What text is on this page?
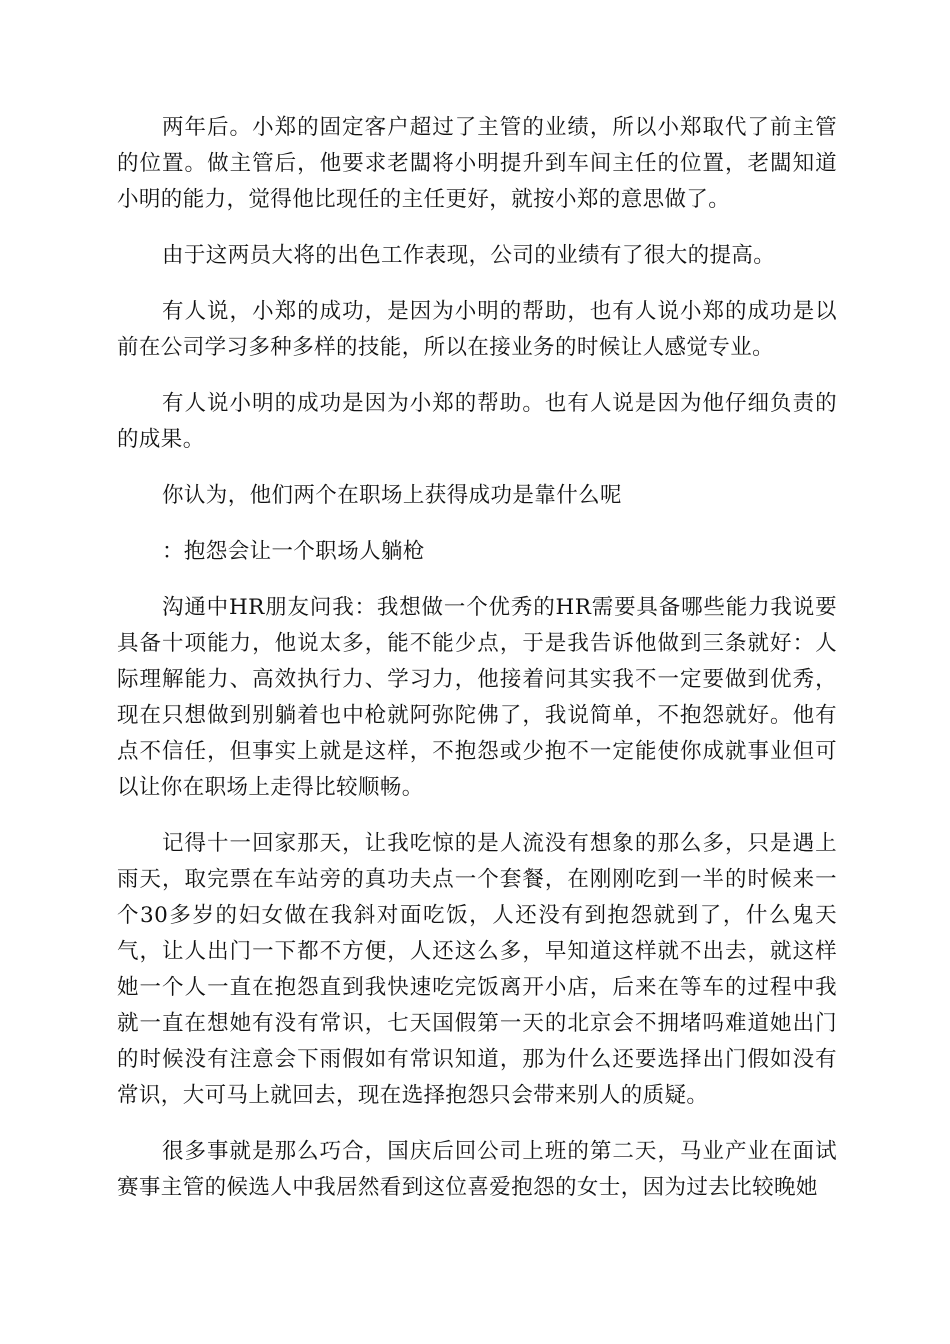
两年后。小郑的固定客户超过了主管的业绩，所以小郑取代了前主管的位置。做主管后，他要求老闆将小明提升到车间主任的位置，老闆知道小明的能力，觉得他比现任的主任更好，就按小郑的意思做了。

由于这两员大将的出色工作表现，公司的业绩有了很大的提高。

有人说，小郑的成功，是因为小明的帮助，也有人说小郑的成功是以前在公司学习多种多样的技能，所以在接业务的时候让人感觉专业。

有人说小明的成功是因为小郑的帮助。也有人说是因为他仔细负责的的成果。

你认为，他们两个在职场上获得成功是靠什么呢

：抱怨会让一个职场人躺枪

沟通中HR朋友问我：我想做一个优秀的HR需要具备哪些能力我说要具备十项能力，他说太多，能不能少点，于是我告诉他做到三条就好：人际理解能力、高效执行力、学习力，他接着问其实我不一定要做到优秀，现在只想做到别躺着也中枪就阿弥陀佛了，我说简单，不抱怨就好。他有点不信任，但事实上就是这样，不抱怨或少抱不一定能使你成就事业但可以让你在职场上走得比较顺畅。

记得十一回家那天，让我吃惊的是人流没有想象的那么多，只是遇上雨天，取完票在车站旁的真功夫点一个套餐，在刚刚吃到一半的时候来一个30多岁的妇女做在我斜对面吃饭，人还没有到抱怨就到了，什么鬼天气，让人出门一下都不方便，人还这么多，早知道这样就不出去，就这样她一个人一直在抱怨直到我快速吃完饭离开小店，后来在等车的过程中我就一直在想她有没有常识，七天国假第一天的北京会不拥堵吗难道她出门的时候没有注意会下雨假如有常识知道，那为什么还要选择出门假如没有常识，大可马上就回去，现在选择抱怨只会带来别人的质疑。

很多事就是那么巧合，国庆后回公司上班的第二天，马业产业在面试赛事主管的候选人中我居然看到这位喜爱抱怨的女士，因为过去比较晚她
